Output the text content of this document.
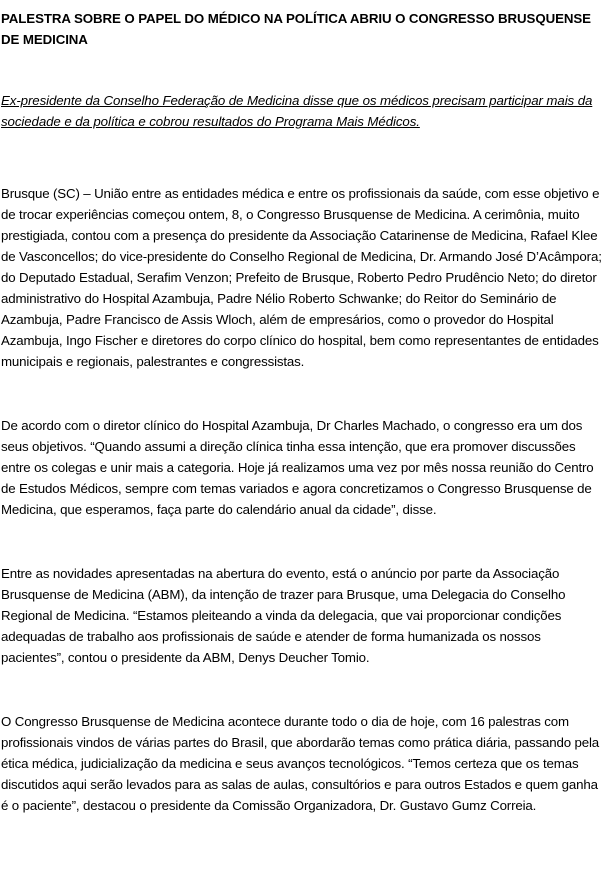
PALESTRA SOBRE O PAPEL DO MÉDICO NA POLÍTICA ABRIU O CONGRESSO BRUSQUENSE DE MEDICINA

Ex-presidente da Conselho Federação de Medicina disse que os médicos precisam participar mais da sociedade e da política e cobrou resultados do Programa Mais Médicos.

Brusque (SC) – União entre as entidades médica e entre os profissionais da saúde, com esse objetivo e de trocar experiências começou ontem, 8, o Congresso Brusquense de Medicina. A cerimônia, muito prestigiada, contou com a presença do presidente da Associação Catarinense de Medicina, Rafael Klee de Vasconcellos; do vice-presidente do Conselho Regional de Medicina, Dr. Armando José D’Acâmpora; do Deputado Estadual, Serafim Venzon; Prefeito de Brusque, Roberto Pedro Prudêncio Neto; do diretor administrativo do Hospital Azambuja, Padre Nélio Roberto Schwanke; do Reitor do Seminário de Azambuja, Padre Francisco de Assis Wloch, além de empresários, como o provedor do Hospital Azambuja, Ingo Fischer e diretores do corpo clínico do hospital, bem como representantes de entidades municipais e regionais, palestrantes e congressistas.

De acordo com o diretor clínico do Hospital Azambuja, Dr Charles Machado, o congresso era um dos seus objetivos. “Quando assumi a direção clínica tinha essa intenção, que era promover discussões entre os colegas e unir mais a categoria. Hoje já realizamos uma vez por mês nossa reunião do Centro de Estudos Médicos, sempre com temas variados e agora concretizamos o Congresso Brusquense de Medicina, que esperamos, faça parte do calendário anual da cidade”, disse.

Entre as novidades apresentadas na abertura do evento, está o anúncio por parte da Associação Brusquense de Medicina (ABM), da intenção de trazer para Brusque, uma Delegacia do Conselho Regional de Medicina. “Estamos pleiteando a vinda da delegacia, que vai proporcionar condições adequadas de trabalho aos profissionais de saúde e atender de forma humanizada os nossos pacientes”, contou o presidente da ABM, Denys Deucher Tomio.

O Congresso Brusquense de Medicina acontece durante todo o dia de hoje, com 16 palestras com profissionais vindos de várias partes do Brasil, que abordarão temas como prática diária, passando pela ética médica, judicialização da medicina e seus avanços tecnológicos. “Temos certeza que os temas discutidos aqui serão levados para as salas de aulas, consultórios e para outros Estados e quem ganha é o paciente”, destacou o presidente da Comissão Organizadora, Dr. Gustavo Gumz Correia.
